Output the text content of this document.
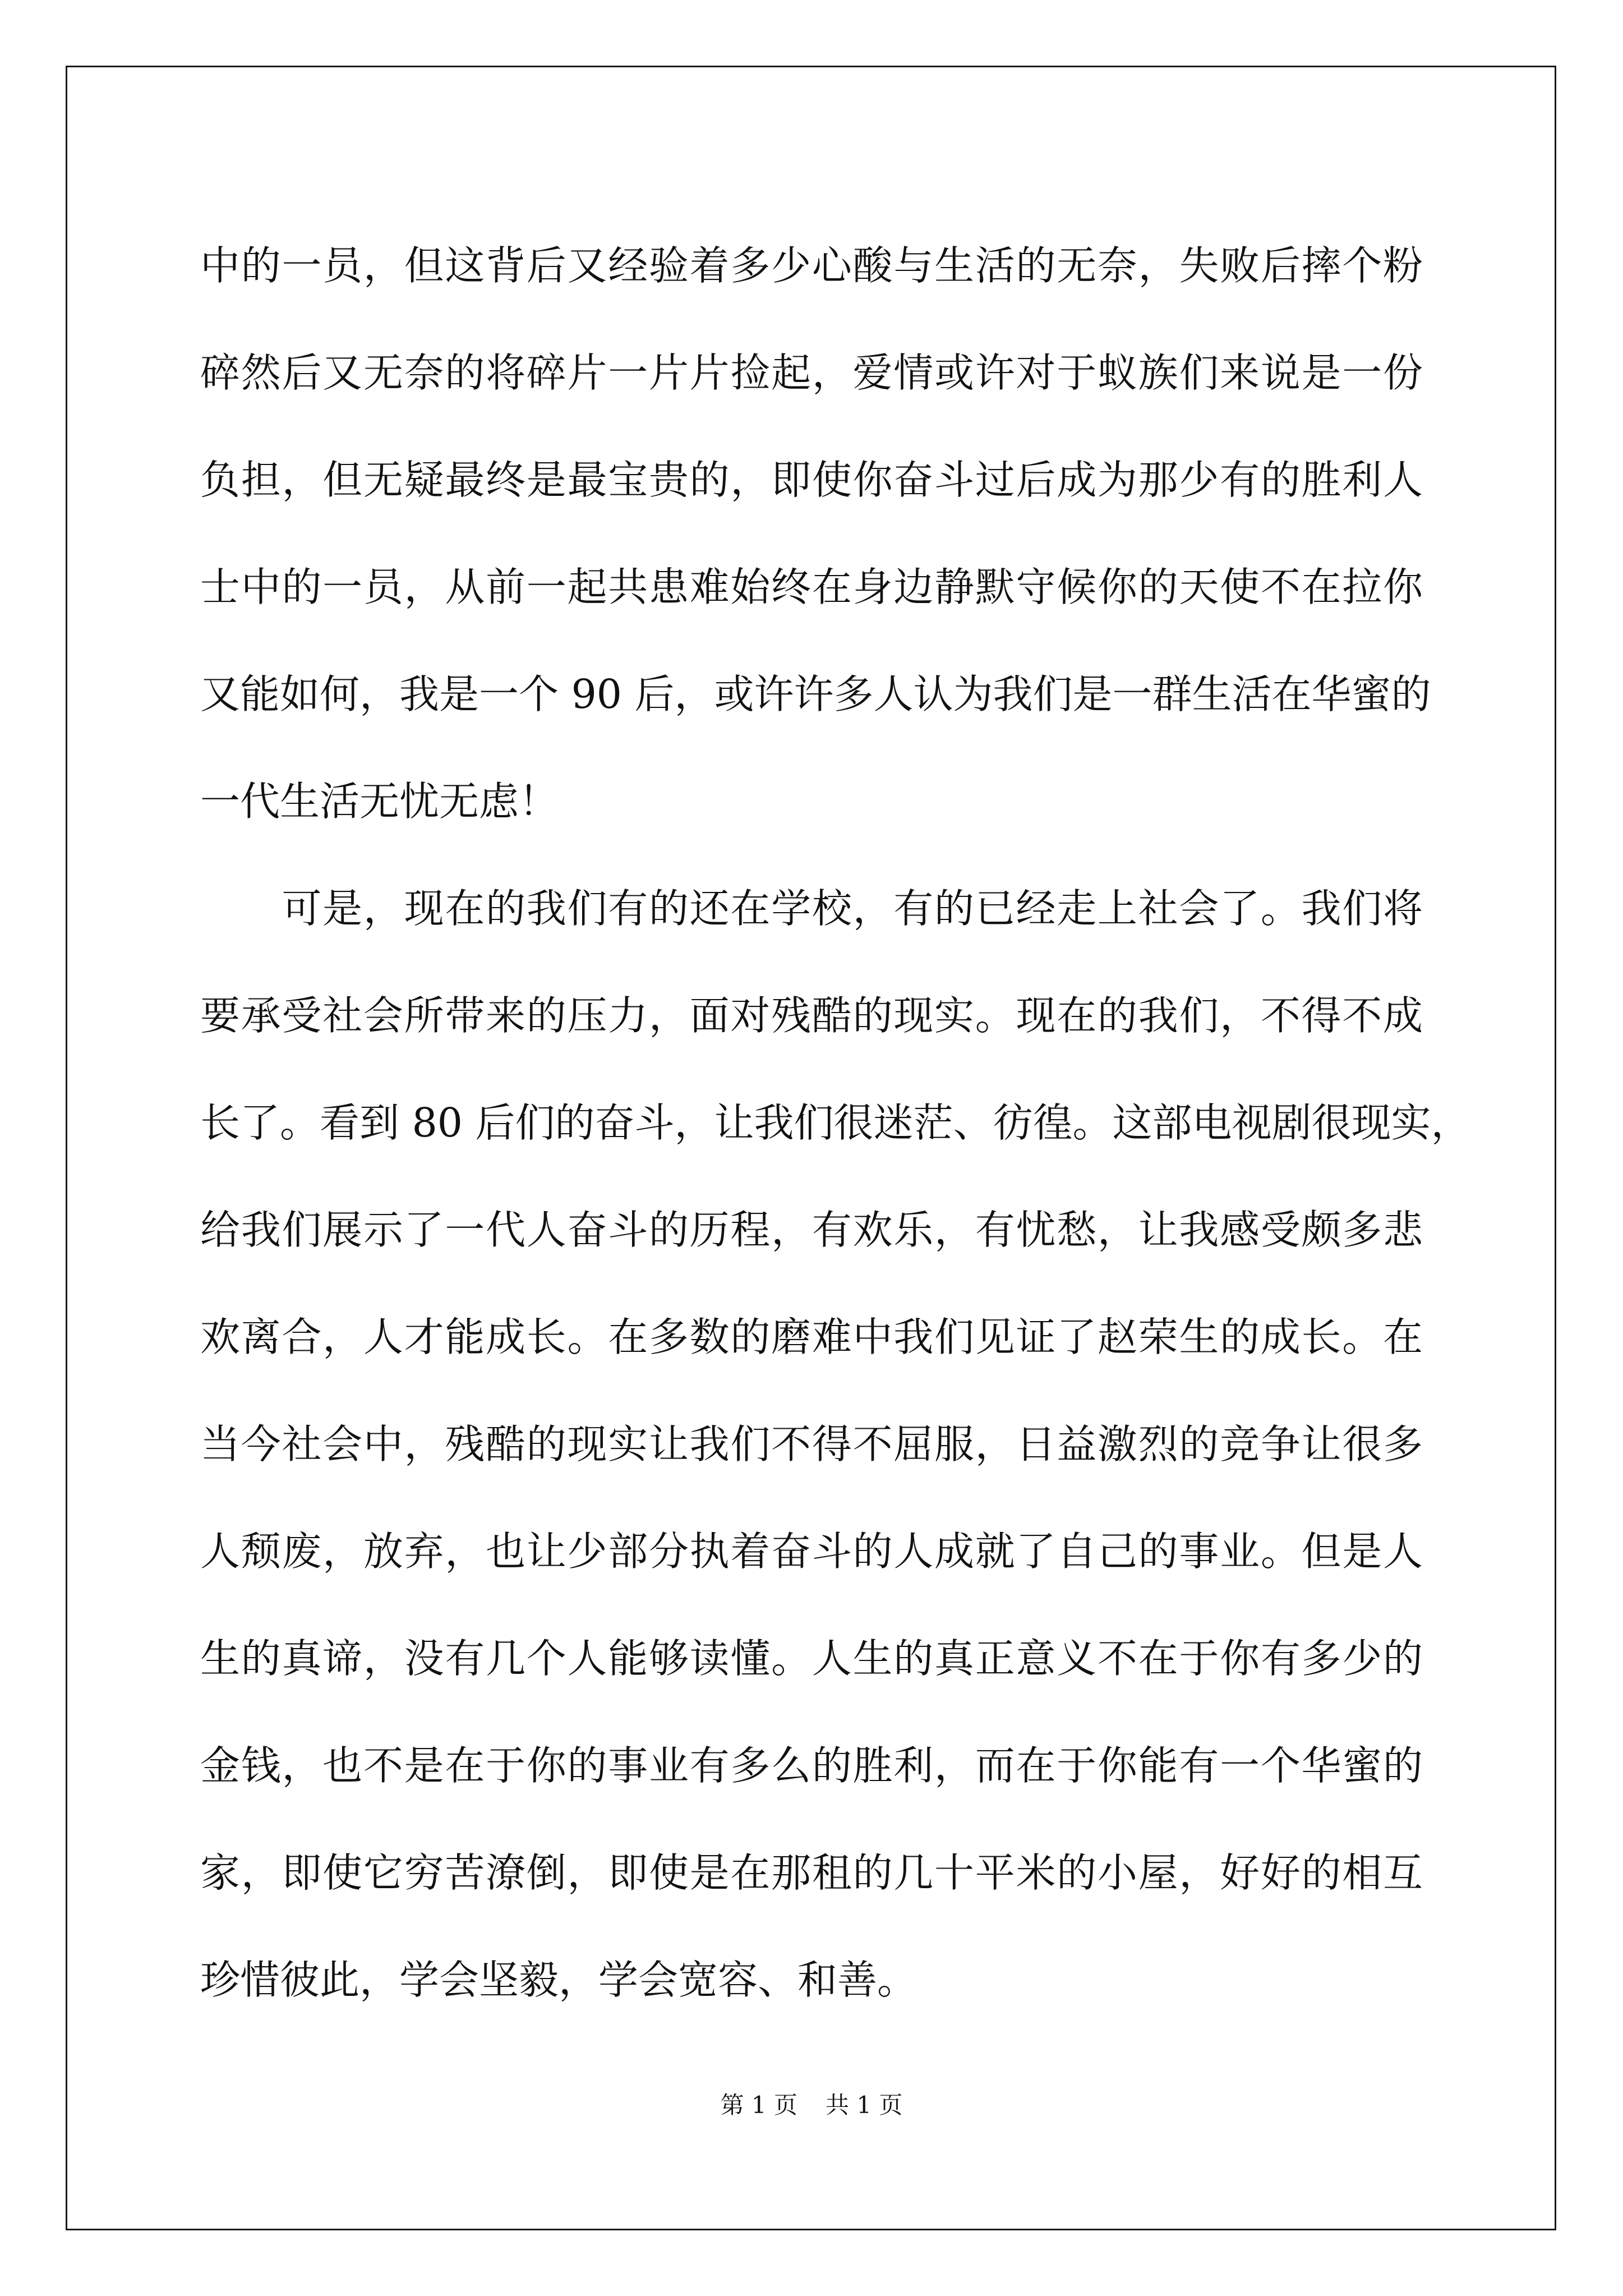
中的一员，但这背后又经验着多少心酸与生活的无奈，失败后摔个粉
碎然后又无奈的将碎片一片片捡起，爱情或许对于蚁族们来说是一份
负担，但无疑最终是最宝贵的，即使你奋斗过后成为那少有的胜利人
士中的一员，从前一起共患难始终在身边静默守候你的天使不在拉你
又能如何，我是一个 90 后，或许许多人认为我们是一群生活在华蜜的
一代生活无忧无虑！
　　可是，现在的我们有的还在学校，有的已经走上社会了。我们将
要承受社会所带来的压力，面对残酷的现实。现在的我们，不得不成
长了。看到 80 后们的奋斗，让我们很迷茫、彷徨。这部电视剧很现实，
给我们展示了一代人奋斗的历程，有欢乐，有忧愁，让我感受颇多悲
欢离合，人才能成长。在多数的磨难中我们见证了赵荣生的成长。在
当今社会中，残酷的现实让我们不得不屈服，日益激烈的竞争让很多
人颓废，放弃，也让少部分执着奋斗的人成就了自己的事业。但是人
生的真谛，没有几个人能够读懂。人生的真正意义不在于你有多少的
金钱，也不是在于你的事业有多么的胜利，而在于你能有一个华蜜的
家，即使它穷苦潦倒，即使是在那租的几十平米的小屋，好好的相互
珍惜彼此，学会坚毅，学会宽容、和善。
第 1 页 共 1 页
